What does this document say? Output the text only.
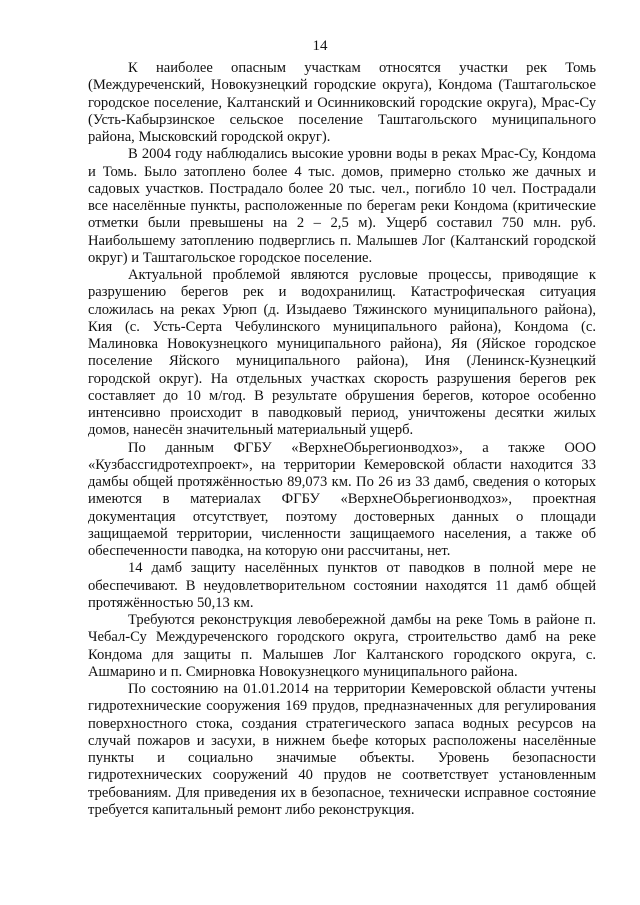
14

К наиболее опасным участкам относятся участки рек Томь (Междуреченский, Новокузнецкий городские округа), Кондома (Таштагольское городское поселение, Калтанский и Осинниковский городские округа), Мрас-Су (Усть-Кабырзинское сельское поселение Таштагольского муниципального района, Мысковский городской округ).

В 2004 году наблюдались высокие уровни воды в реках Мрас-Су, Кондома и Томь. Было затоплено более 4 тыс. домов, примерно столько же дачных и садовых участков. Пострадало более 20 тыс. чел., погибло 10 чел. Пострадали все населённые пункты, расположенные по берегам реки Кондома (критические отметки были превышены на 2 – 2,5 м). Ущерб составил 750 млн. руб. Наибольшему затоплению подверглись п. Малышев Лог (Калтанский городской округ) и Таштагольское городское поселение.

Актуальной проблемой являются русловые процессы, приводящие к разрушению берегов рек и водохранилищ. Катастрофическая ситуация сложилась на реках Урюп (д. Изыдаево Тяжинского муниципального района), Кия (с. Усть-Серта Чебулинского муниципального района), Кондома (с. Малиновка Новокузнецкого муниципального района), Яя (Яйское городское поселение Яйского муниципального района), Иня (Ленинск-Кузнецкий городской округ). На отдельных участках скорость разрушения берегов рек составляет до 10 м/год. В результате обрушения берегов, которое особенно интенсивно происходит в паводковый период, уничтожены десятки жилых домов, нанесён значительный материальный ущерб.

По данным ФГБУ «ВерхнеОбьрегионводхоз», а также ООО «Кузбассгидротехпроект», на территории Кемеровской области находится 33 дамбы общей протяжённостью 89,073 км. По 26 из 33 дамб, сведения о которых имеются в материалах ФГБУ «ВерхнеОбьрегионводхоз», проектная документация отсутствует, поэтому достоверных данных о площади защищаемой территории, численности защищаемого населения, а также об обеспеченности паводка, на которую они рассчитаны, нет.

14 дамб защиту населённых пунктов от паводков в полной мере не обеспечивают. В неудовлетворительном состоянии находятся 11 дамб общей протяжённостью 50,13 км.

Требуются реконструкция левобережной дамбы на реке Томь в районе п. Чебал-Су Междуреченского городского округа, строительство дамб на реке Кондома для защиты п. Малышев Лог Калтанского городского округа, с. Ашмарино и п. Смирновка Новокузнецкого муниципального района.

По состоянию на 01.01.2014 на территории Кемеровской области учтены гидротехнические сооружения 169 прудов, предназначенных для регулирования поверхностного стока, создания стратегического запаса водных ресурсов на случай пожаров и засухи, в нижнем бьефе которых расположены населённые пункты и социально значимые объекты. Уровень безопасности гидротехнических сооружений 40 прудов не соответствует установленным требованиям. Для приведения их в безопасное, технически исправное состояние требуется капитальный ремонт либо реконструкция.
